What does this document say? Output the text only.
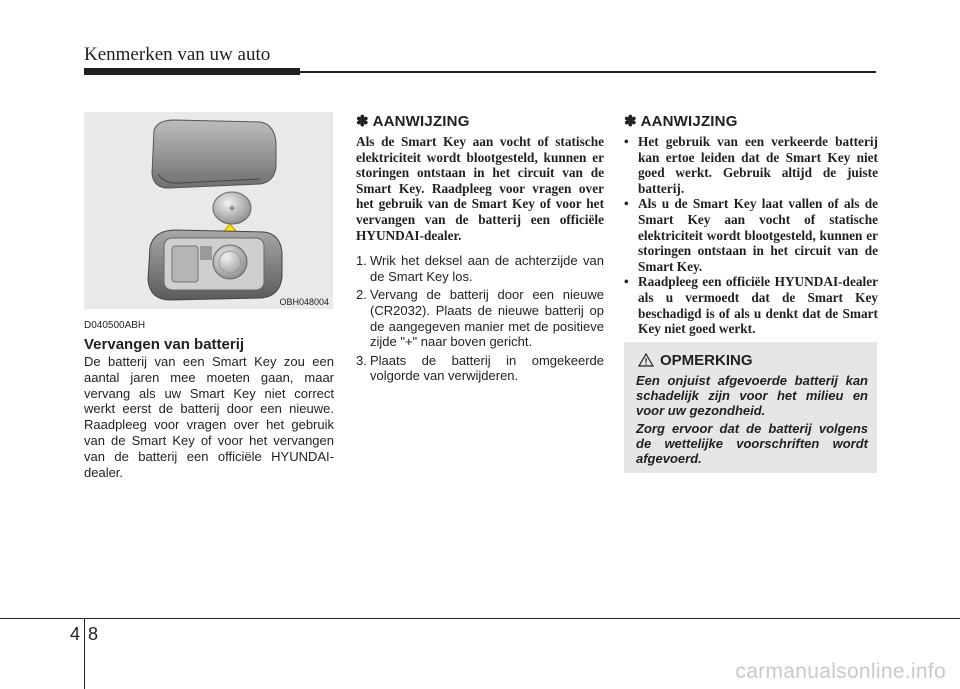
Kenmerken van uw auto
+
OBH048004
D040500ABH
Vervangen van batterij
De batterij van een Smart Key zou een aantal jaren mee moeten gaan, maar vervang als uw Smart Key niet correct werkt eerst de batterij door een nieuwe. Raadpleeg voor vragen over het gebruik van de Smart Key of voor het vervangen van de batterij een officiële HYUNDAI-dealer.
✽ AANWIJZING
Als de Smart Key aan vocht of statische elektriciteit wordt blootgesteld, kunnen er storingen ontstaan in het circuit van de Smart Key. Raadpleeg voor vragen over het gebruik van de Smart Key of voor het vervangen van de batterij een officiële HYUNDAI-dealer.
1. Wrik het deksel aan de achterzijde van de Smart Key los.
2. Vervang de batterij door een nieuwe (CR2032). Plaats de nieuwe batterij op de aangegeven manier met de positieve zijde "+" naar boven gericht.
3. Plaats de batterij in omgekeerde volgorde van verwijderen.
✽ AANWIJZING
• Het gebruik van een verkeerde batterij kan ertoe leiden dat de Smart Key niet goed werkt. Gebruik altijd de juiste batterij.
• Als u de Smart Key laat vallen of als de Smart Key aan vocht of statische elektriciteit wordt blootgesteld, kunnen er storingen ontstaan in het circuit van de Smart Key.
• Raadpleeg een officiële HYUNDAI-dealer als u vermoedt dat de Smart Key beschadigd is of als u denkt dat de Smart Key niet goed werkt.
OPMERKING

Een onjuist afgevoerde batterij kan schadelijk zijn voor het milieu en voor uw gezondheid.

Zorg ervoor dat de batterij volgens de wettelijke voorschriften wordt afgevoerd.

4 8
carmanualsonline.info
